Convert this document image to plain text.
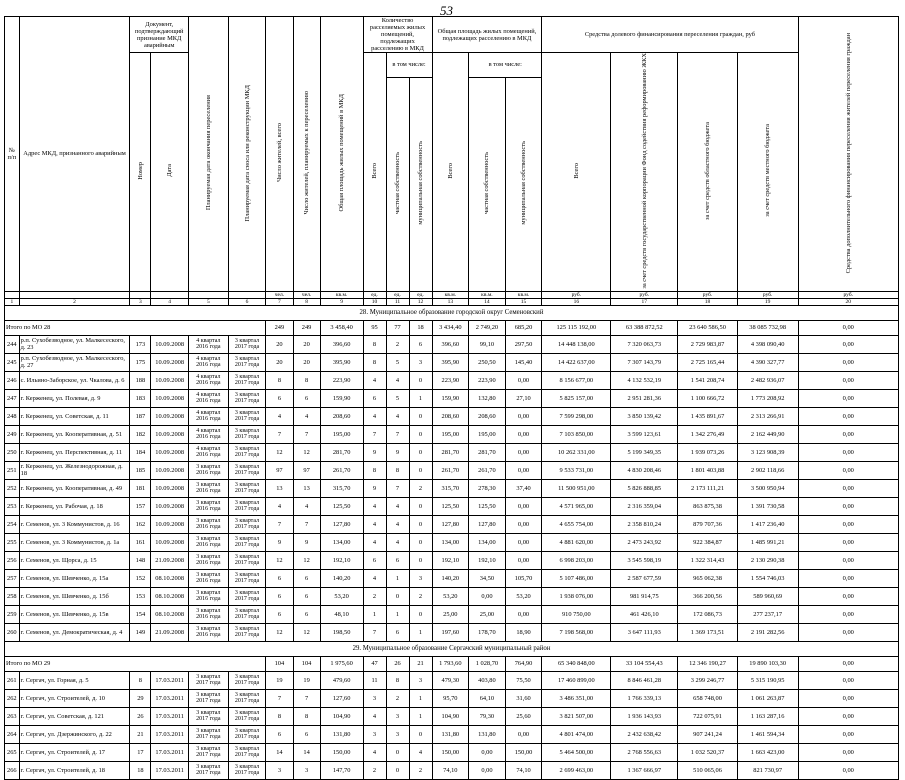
53
№ п/п	Адрес МКД, признанного аварийным	Документ, подтверждающий признание МКД аварийным		Планируемая дата окончания переселения	Планируемая дата сноса или реконструкции МКД	Число жителей, всего	Число жителей, планируемых к переселению	Общая площадь жилых помещений в МКД	Количество расселяемых жилых помещений, подлежащих расселению в МКД			Общая площадь жилых помещений, подлежащих расселению в МКД			Средства долевого финансирования переселения граждан, руб				Средства дополнительного финансирования переселения жителей переселения граждан
		Номер	Дата						Всего	в том числе:		Всего	в том числе:		Всего	за счет средств государственной корпорации Фонд содействия реформированию ЖКХ	за счет средств областного бюджета	за счет средств местного бюджета	
										частная собственность	муниципальная собственность		частная собственность	муниципальная собственность					
						чел.	чел.	кв.м.	ед.	ед.	ед.	кв.м.	кв.м.	кв.м.	руб.	руб.	руб.	руб.	руб.
1	2	3	4	5	6	7	8	9	10	11	12	13	14	15	16	17	18	19	20
28. Муниципальное образование городской округ Семеновский																			
Итого по МО 28						249	249	3 458,40	95	77	18	3 434,40	2 749,20	685,20	125 115 192,00	63 388 872,52	23 640 586,50	38 085 732,98	0,00
244	р.п. Сухобезводное, ул. Малкесеского, д. 23	173	10.09.2008	4 квартал 2016 года	3 квартал 2017 года	20	20	396,60	8	2	6	396,60	99,10	297,50	14 448 138,00	7 320 063,73	2 729 983,87	4 398 090,40	0,00
245	р.п. Сухобезводное, ул. Малкесеского, д. 27	175	10.09.2008	4 квартал 2016 года	3 квартал 2017 года	20	20	395,90	8	5	3	395,90	250,50	145,40	14 422 637,00	7 307 143,79	2 725 165,44	4 390 327,77	0,00
246	с. Ильино-Заборское, ул. Чкалова, д. 6	188	10.09.2008	4 квартал 2016 года	3 квартал 2017 года	8	8	223,90	4	4	0	223,90	223,90	0,00	8 156 677,00	4 132 532,19	1 541 208,74	2 482 936,07	0,00
247	г. Керженец, ул. Полевая, д. 9	183	10.09.2008	4 квартал 2016 года	3 квартал 2017 года	6	6	159,90	6	5	1	159,90	132,80	27,10	5 825 157,00	2 951 281,36	1 100 666,72	1 773 208,92	0,00
248	г. Керженец, ул. Советская, д. 11	187	10.09.2008	4 квартал 2016 года	3 квартал 2017 года	4	4	208,60	4	4	0	208,60	208,60	0,00	7 599 298,00	3 850 139,42	1 435 891,67	2 313 266,91	0,00
249	г. Керженец, ул. Кооперативная, д. 51	182	10.09.2008	4 квартал 2016 года	3 квартал 2017 года	7	7	195,00	7	7	0	195,00	195,00	0,00	7 103 850,00	3 599 123,61	1 342 276,49	2 162 449,90	0,00
250	г. Керженец, ул. Перспективная, д. 11	184	10.09.2008	4 квартал 2016 года	3 квартал 2017 года	12	12	281,70	9	9	0	281,70	281,70	0,00	10 262 331,00	5 199 349,35	1 939 073,26	3 123 908,39	0,00
251	г. Керженец, ул. Железнодорожная, д. 18	185	10.09.2008	3 квартал 2016 года	3 квартал 2017 года	97	97	261,70	8	8	0	261,70	261,70	0,00	9 533 731,00	4 830 208,46	1 801 403,88	2 902 118,66	0,00
252	г. Керженец, ул. Кооперативная, д. 49	181	10.09.2008	3 квартал 2016 года	3 квартал 2017 года	13	13	315,70	9	7	2	315,70	278,30	37,40	11 500 951,00	5 826 888,85	2 173 111,21	3 500 950,94	0,00
253	г. Керженец, ул. Рабочая, д. 18	157	10.09.2008	3 квартал 2016 года	3 квартал 2017 года	4	4	125,50	4	4	0	125,50	125,50	0,00	4 571 965,00	2 316 359,04	863 875,38	1 391 730,58	0,00
254	г. Семенов, ул. 3 Коммунистов, д. 16	162	10.09.2008	3 квартал 2016 года	3 квартал 2017 года	7	7	127,80	4	4	0	127,80	127,80	0,00	4 655 754,00	2 358 810,24	879 707,36	1 417 236,40	0,00
255	г. Семенов, ул. 3 Коммунистов, д. 1а	161	10.09.2008	3 квартал 2016 года	3 квартал 2017 года	9	9	134,00	4	4	0	134,00	134,00	0,00	4 881 620,00	2 473 243,92	922 384,87	1 485 991,21	0,00
256	г. Семенов, ул. Щорса, д. 15	148	21.09.2008	3 квартал 2016 года	3 квартал 2017 года	12	12	192,10	6	6	0	192,10	192,10	0,00	6 998 203,00	3 545 598,19	1 322 314,43	2 130 290,38	0,00
257	г. Семенов, ул. Шевченко, д. 15а	152	08.10.2008	3 квартал 2016 года	3 квартал 2017 года	6	6	140,20	4	1	3	140,20	34,50	105,70	5 107 486,00	2 587 677,59	965 062,38	1 554 746,03	0,00
258	г. Семенов, ул. Шевченко, д. 15б	153	08.10.2008	3 квартал 2016 года	3 квартал 2017 года	6	6	53,20	2	0	2	53,20	0,00	53,20	1 938 076,00	981 914,75	366 200,56	589 960,69	0,00
259	г. Семенов, ул. Шевченко, д. 15в	154	08.10.2008	3 квартал 2016 года	3 квартал 2017 года	6	6	48,10	1	1	0	25,00	25,00	0,00	910 750,00	461 426,10	172 086,73	277 237,17	0,00
260	г. Семенов, ул. Демократическая, д. 4	149	21.09.2008	3 квартал 2016 года	3 квартал 2017 года	12	12	198,50	7	6	1	197,60	178,70	18,90	7 198 568,00	3 647 111,93	1 369 173,51	2 191 282,56	0,00
29. Муниципальное образование Сергачский муниципальный район																			
Итого по МО 29						104	104	1 975,60	47	26	21	1 793,60	1 028,70	764,90	65 340 848,00	33 104 554,43	12 346 190,27	19 890 103,30	0,00
261	г. Сергач, ул. Горная, д. 5	8	17.03.2011	3 квартал 2017 года	3 квартал 2017 года	19	19	479,60	11	8	3	479,30	403,80	75,50	17 460 899,00	8 846 461,28	3 299 246,77	5 315 190,95	0,00
262	г. Сергач, ул. Строителей, д. 10	29	17.03.2011	3 квартал 2017 года	3 квартал 2017 года	7	7	127,60	3	2	1	95,70	64,10	31,60	3 486 351,00	1 766 339,13	658 748,00	1 061 263,87	0,00
263	г. Сергач, ул. Советская, д. 121	26	17.03.2011	3 квартал 2017 года	3 квартал 2017 года	8	8	104,90	4	3	1	104,90	79,30	25,60	3 821 507,00	1 936 143,93	722 075,91	1 163 287,16	0,00
264	г. Сергач, ул. Дзержинского, д. 22	21	17.03.2011	3 квартал 2017 года	3 квартал 2017 года	6	6	131,80	3	3	0	131,80	131,80	0,00	4 801 474,00	2 432 638,42	907 241,24	1 461 594,34	0,00
265	г. Сергач, ул. Строителей, д. 17	17	17.03.2011	3 квартал 2017 года	3 квартал 2017 года	14	14	150,00	4	0	4	150,00	0,00	150,00	5 464 500,00	2 768 556,63	1 032 520,37	1 663 423,00	0,00
266	г. Сергач, ул. Строителей, д. 18	18	17.03.2011	3 квартал 2017 года	3 квартал 2017 года	3	3	147,70	2	0	2	74,10	0,00	74,10	2 699 463,00	1 367 666,97	510 065,06	821 730,97	0,00
